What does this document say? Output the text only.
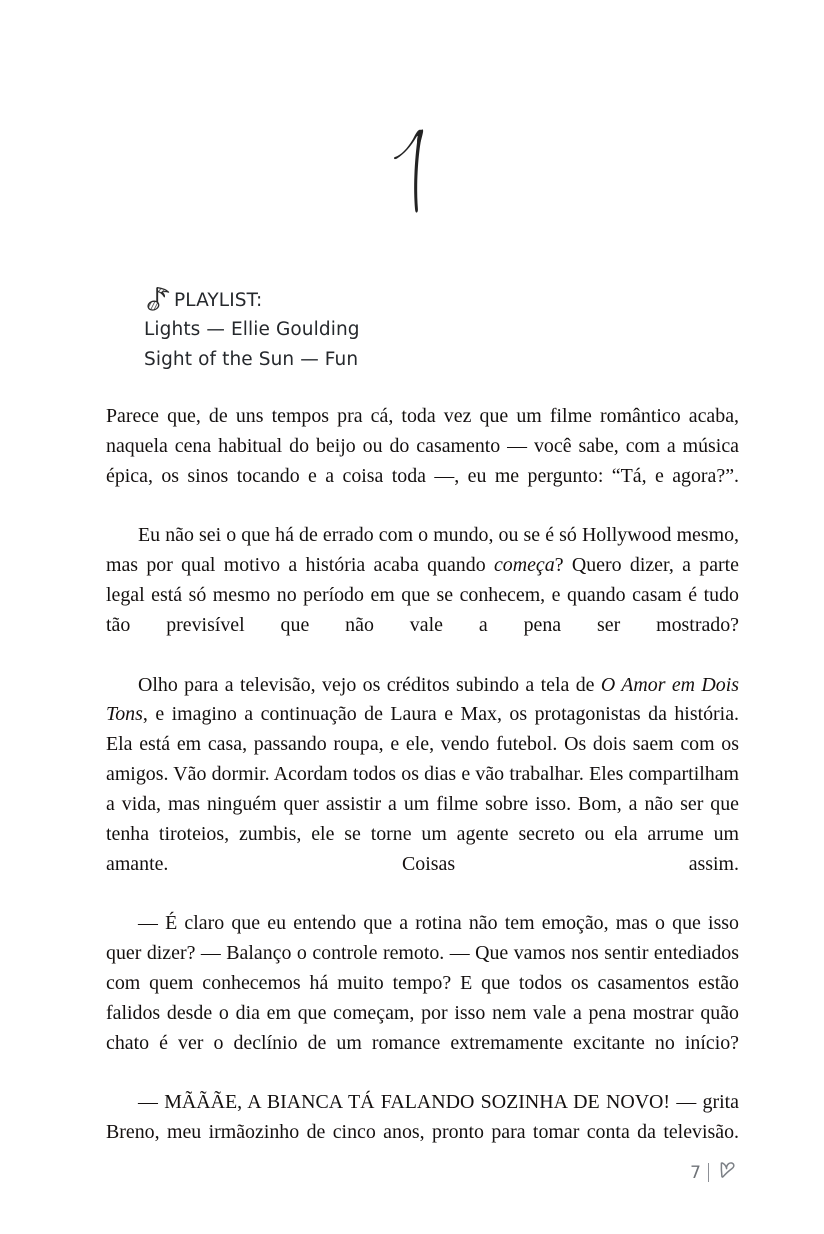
PLAYLIST:
Lights — Ellie Goulding
Sight of the Sun — Fun

Parece que, de uns tempos pra cá, toda vez que um filme romântico acaba, naquela cena habitual do beijo ou do casamento — você sabe, com a música épica, os sinos tocando e a coisa toda —, eu me pergunto: “Tá, e agora?”.

Eu não sei o que há de errado com o mundo, ou se é só Hollywood mesmo, mas por qual motivo a história acaba quando começa? Quero dizer, a parte legal está só mesmo no período em que se conhecem, e quando casam é tudo tão previsível que não vale a pena ser mostrado?

Olho para a televisão, vejo os créditos subindo a tela de O Amor em Dois Tons, e imagino a continuação de Laura e Max, os protagonistas da história. Ela está em casa, passando roupa, e ele, vendo futebol. Os dois saem com os amigos. Vão dormir. Acordam todos os dias e vão trabalhar. Eles compartilham a vida, mas ninguém quer assistir a um filme sobre isso. Bom, a não ser que tenha tiroteios, zumbis, ele se torne um agente secreto ou ela arrume um amante. Coisas assim.

— É claro que eu entendo que a rotina não tem emoção, mas o que isso quer dizer? — Balanço o controle remoto. — Que vamos nos sentir entediados com quem conhecemos há muito tempo? E que todos os casamentos estão falidos desde o dia em que começam, por isso nem vale a pena mostrar quão chato é ver o declínio de um romance extremamente excitante no início?

— MÃÃÃE, A BIANCA TÁ FALANDO SOZINHA DE NOVO! — grita Breno, meu irmãozinho de cinco anos, pronto para tomar conta da televisão.

7
